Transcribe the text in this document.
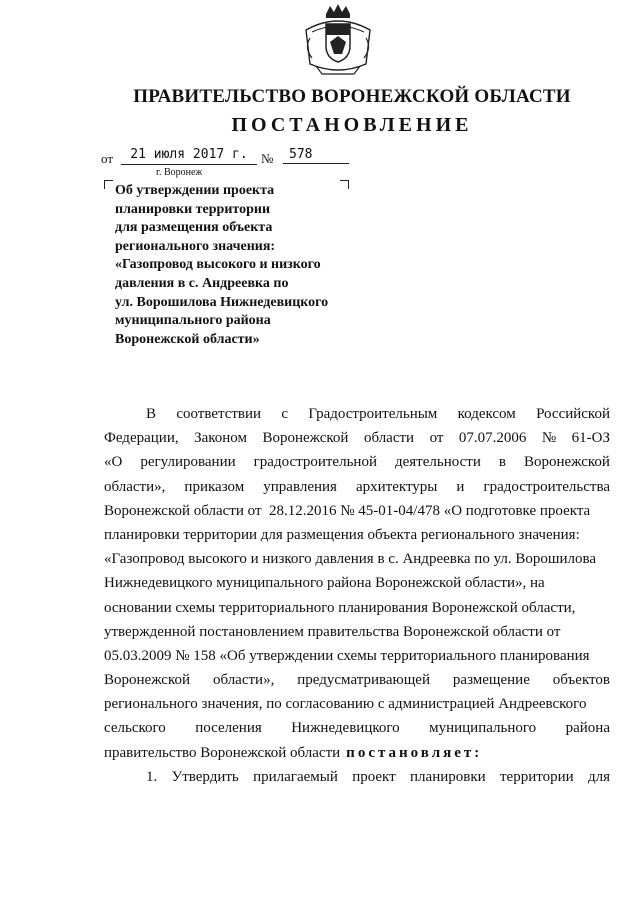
ПРАВИТЕЛЬСТВО ВОРОНЕЖСКОЙ ОБЛАСТИ
ПОСТАНОВЛЕНИЕ
от	21 июля 2017 г.	№	578
г. Воронеж
Об утверждении проекта
планировки территории
для размещения объекта
регионального значения:
«Газопровод высокого и низкого
давления в с. Андреевка по
ул. Ворошилова Нижнедевицкого
муниципального района
Воронежской области»
В соответствии с Градостроительным кодексом Российской
Федерации, Законом Воронежской области от 07.07.2006 № 61-ОЗ
«О регулировании градостроительной деятельности в Воронежской
области», приказом управления архитектуры и градостроительства
Воронежской области от  28.12.2016 № 45-01-04/478 «О подготовке проекта
планировки территории для размещения объекта регионального значения:
«Газопровод высокого и низкого давления в с. Андреевка по ул. Ворошилова
Нижнедевицкого муниципального района Воронежской области», на
основании схемы территориального планирования Воронежской области,
утвержденной постановлением правительства Воронежской области от
05.03.2009 № 158 «Об утверждении схемы территориального планирования
Воронежской области», предусматривающей размещение объектов
регионального значения, по согласованию с администрацией Андреевского
сельского поселения Нижнедевицкого муниципального района
правительство Воронежской области постановляет:
1. Утвердить прилагаемый проект планировки территории для
